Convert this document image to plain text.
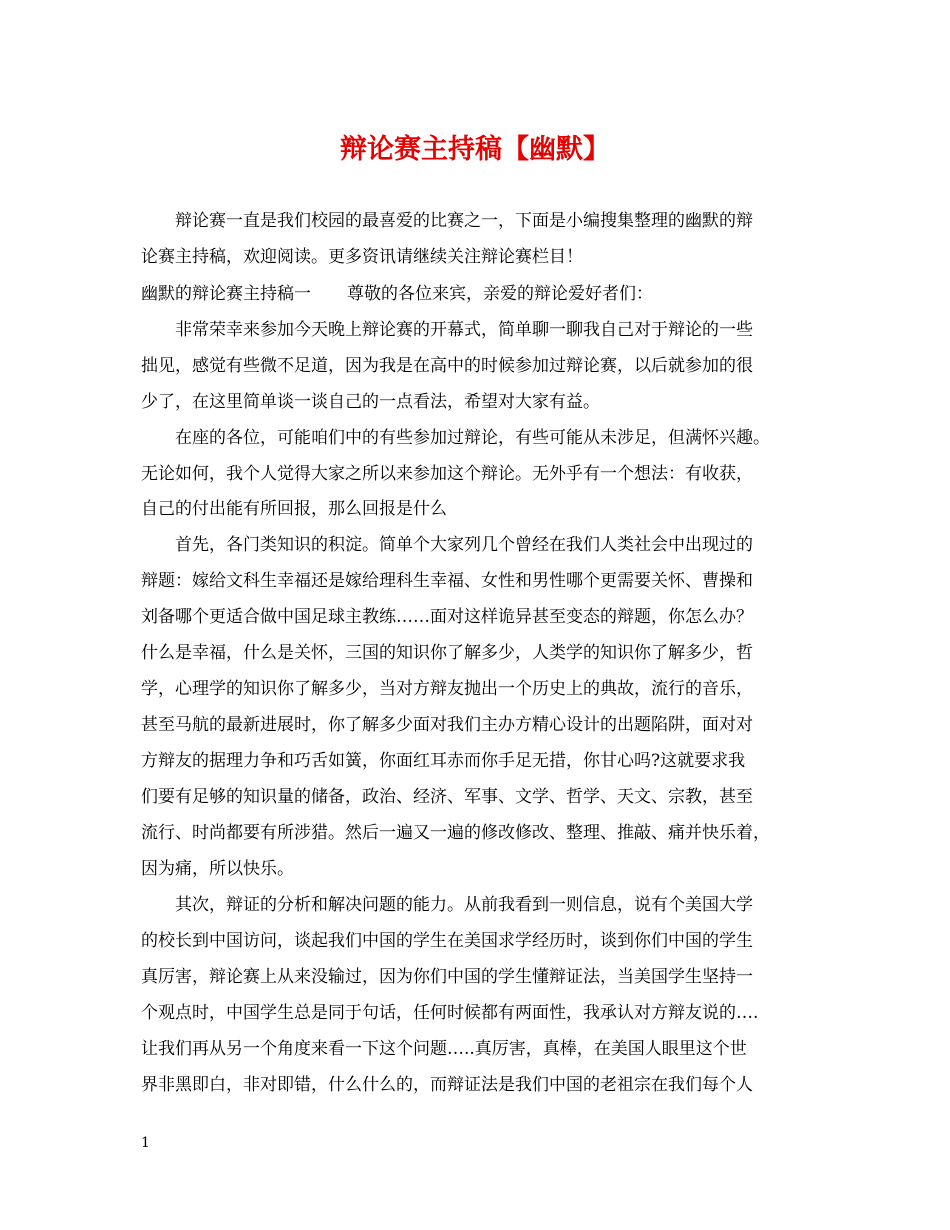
辩论赛主持稿【幽默】
辩论赛一直是我们校园的最喜爱的比赛之一，下面是小编搜集整理的幽默的辩
论赛主持稿，欢迎阅读。更多资讯请继续关注辩论赛栏目！
幽默的辩论赛主持稿一 尊敬的各位来宾，亲爱的辩论爱好者们：
非常荣幸来参加今天晚上辩论赛的开幕式，简单聊一聊我自己对于辩论的一些
拙见，感觉有些微不足道，因为我是在高中的时候参加过辩论赛，以后就参加的很
少了，在这里简单谈一谈自己的一点看法，希望对大家有益。
在座的各位，可能咱们中的有些参加过辩论，有些可能从未涉足，但满怀兴趣。
无论如何，我个人觉得大家之所以来参加这个辩论。无外乎有一个想法：有收获，
自己的付出能有所回报，那么回报是什么
首先，各门类知识的积淀。简单个大家列几个曾经在我们人类社会中出现过的
辩题：嫁给文科生幸福还是嫁给理科生幸福、女性和男性哪个更需要关怀、曹操和
刘备哪个更适合做中国足球主教练……面对这样诡异甚至变态的辩题，你怎么办？
什么是幸福，什么是关怀，三国的知识你了解多少，人类学的知识你了解多少，哲
学，心理学的知识你了解多少，当对方辩友抛出一个历史上的典故，流行的音乐，
甚至马航的最新进展时，你了解多少面对我们主办方精心设计的出题陷阱，面对对
方辩友的据理力争和巧舌如簧，你面红耳赤而你手足无措，你甘心吗?这就要求我
们要有足够的知识量的储备，政治、经济、军事、文学、哲学、天文、宗教，甚至
流行、时尚都要有所涉猎。然后一遍又一遍的修改修改、整理、推敲、痛并快乐着，
因为痛，所以快乐。
其次，辩证的分析和解决问题的能力。从前我看到一则信息，说有个美国大学
的校长到中国访问，谈起我们中国的学生在美国求学经历时，谈到你们中国的学生
真厉害，辩论赛上从来没输过，因为你们中国的学生懂辩证法，当美国学生坚持一
个观点时，中国学生总是同于句话，任何时候都有两面性，我承认对方辩友说的….
让我们再从另一个角度来看一下这个问题…..真厉害，真棒，在美国人眼里这个世
界非黑即白，非对即错，什么什么的，而辩证法是我们中国的老祖宗在我们每个人
1
